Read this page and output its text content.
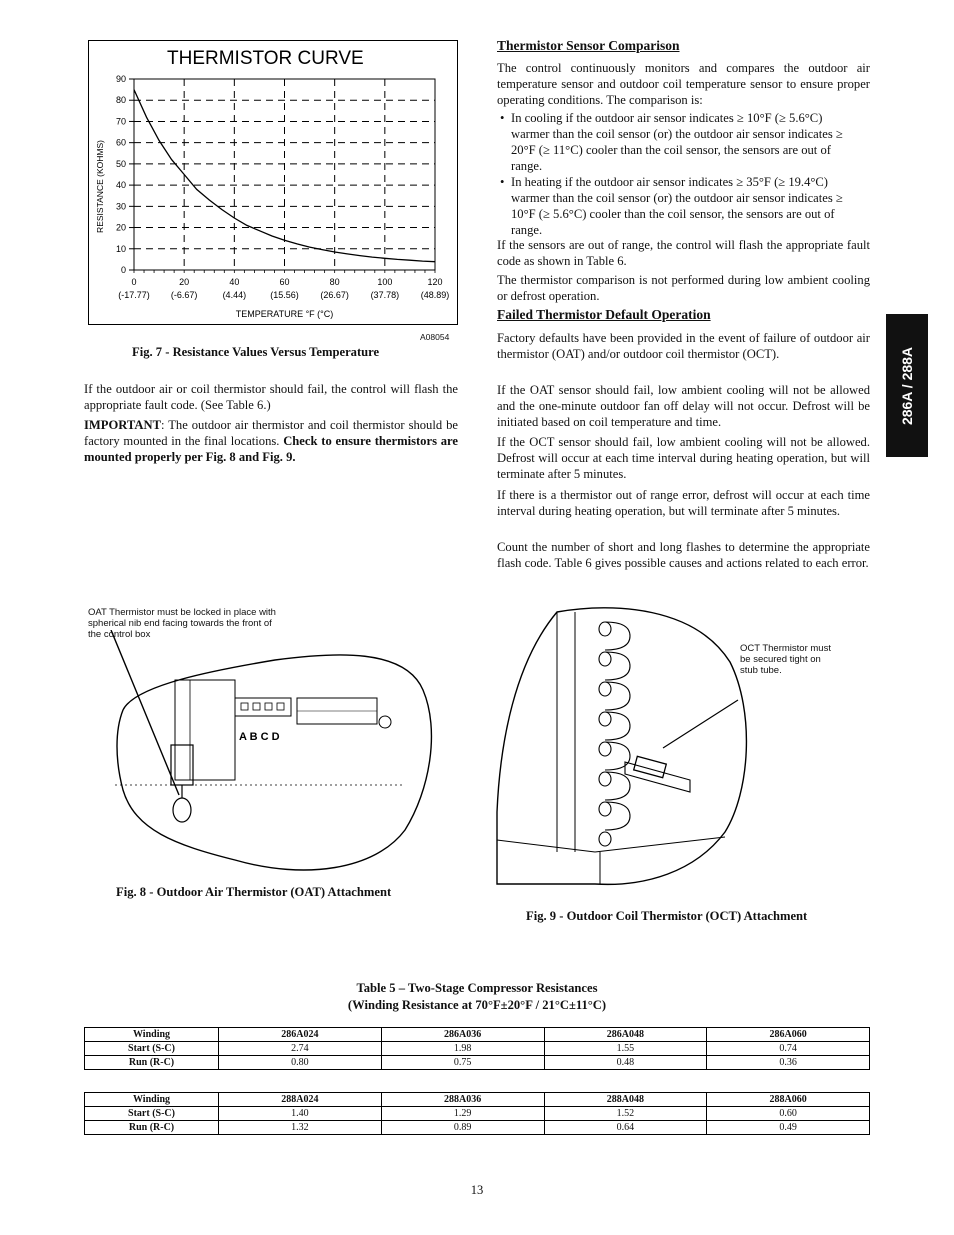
THERMISTOR CURVE
0
10
20
30
40
50
60
70
80
90
0
(-17.77)
20
(-6.67)
40
(4.44)
60
(15.56)
80
(26.67)
100
(37.78)
120
(48.89)
TEMPERATURE °F (°C)
RESISTANCE (KOHMS)
A08054
Fig. 7 - Resistance Values Versus Temperature
If the outdoor air or coil thermistor should fail, the control will flash the appropriate fault code. (See Table 6.)
IMPORTANT: The outdoor air thermistor and coil thermistor should be factory mounted in the final locations. Check to ensure thermistors are mounted properly per Fig. 8 and Fig. 9.
Thermistor Sensor Comparison
The control continuously monitors and compares the outdoor air temperature sensor and outdoor coil temperature sensor to ensure proper operating conditions. The comparison is:
• In cooling if the outdoor air sensor indicates ≥ 10°F (≥ 5.6°C) warmer than the coil sensor (or) the outdoor air sensor indicates ≥ 20°F (≥ 11°C) cooler than the coil sensor, the sensors are out of range.
• In heating if the outdoor air sensor indicates ≥ 35°F (≥ 19.4°C) warmer than the coil sensor (or) the outdoor air sensor indicates ≥ 10°F (≥ 5.6°C) cooler than the coil sensor, the sensors are out of range.
If the sensors are out of range, the control will flash the appropriate fault code as shown in Table 6.
The thermistor comparison is not performed during low ambient cooling or defrost operation.
Failed Thermistor Default Operation
Factory defaults have been provided in the event of failure of outdoor air thermistor (OAT) and/or outdoor coil thermistor (OCT).
If the OAT sensor should fail, low ambient cooling will not be allowed and the one-minute outdoor fan off delay will not occur. Defrost will be initiated based on coil temperature and time.
If the OCT sensor should fail, low ambient cooling will not be allowed. Defrost will occur at each time interval during heating operation, but will terminate after 5 minutes.
If there is a thermistor out of range error, defrost will occur at each time interval during heating operation, but will terminate after 5 minutes.
Count the number of short and long flashes to determine the appropriate flash code. Table 6 gives possible causes and actions related to each error.
286A / 288A
OAT Thermistor must be locked in place with spherical nib end facing towards the front of the control box
A B C D
Fig. 8 - Outdoor Air Thermistor (OAT) Attachment
OCT Thermistor must be secured tight on stub tube.
Fig. 9 - Outdoor Coil Thermistor (OCT) Attachment
Table 5 – Two-Stage Compressor Resistances
(Winding Resistance at 70°F±20°F / 21°C±11°C)
Winding	286A024	286A036	286A048	286A060
Start (S-C)	2.74	1.98	1.55	0.74
Run (R-C)	0.80	0.75	0.48	0.36
Winding	288A024	288A036	288A048	288A060
Start (S-C)	1.40	1.29	1.52	0.60
Run (R-C)	1.32	0.89	0.64	0.49
13
